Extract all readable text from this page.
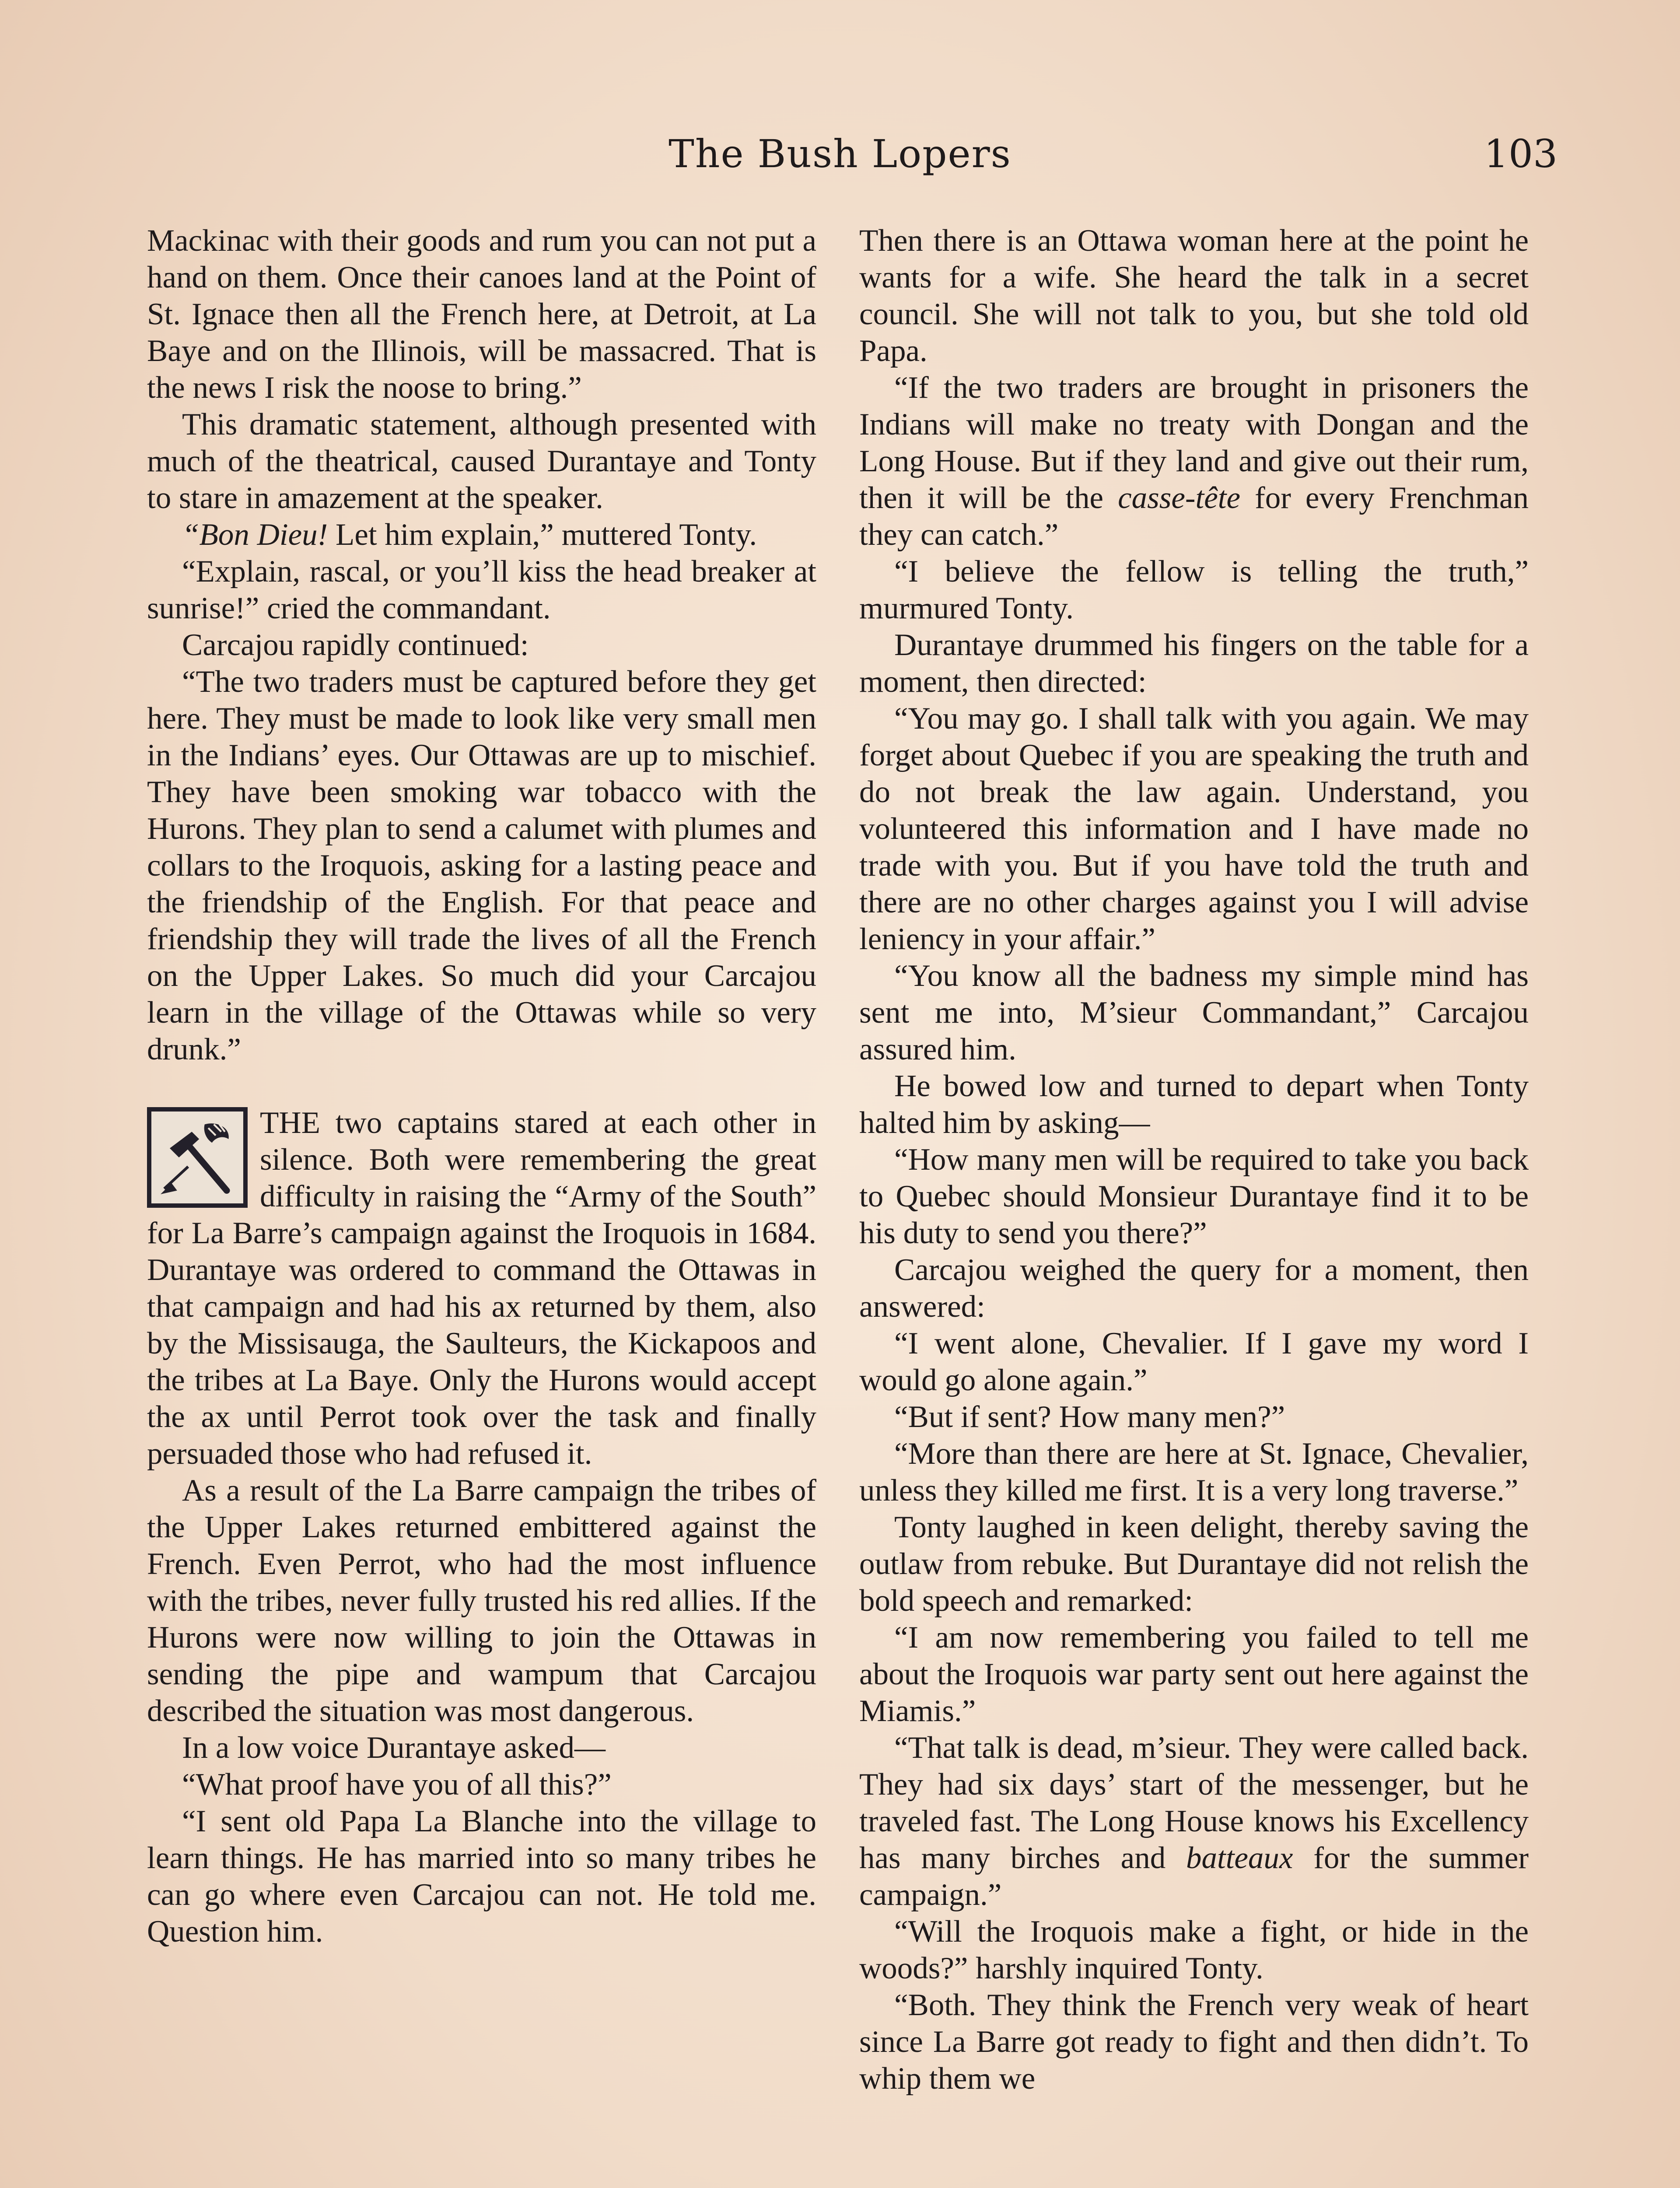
The Bush Lopers	103

Mackinac with their goods and rum you can not put a hand on them. Once their canoes land at the Point of St. Ignace then all the French here, at Detroit, at La Baye and on the Illinois, will be massacred. That is the news I risk the noose to bring.”

This dramatic statement, although presented with much of the theatrical, caused Durantaye and Tonty to stare in amazement at the speaker.

“Bon Dieu! Let him explain,” muttered Tonty.

“Explain, rascal, or you’ll kiss the head breaker at sunrise!” cried the commandant.

Carcajou rapidly continued:

“The two traders must be captured before they get here. They must be made to look like very small men in the Indians’ eyes. Our Ottawas are up to mischief. They have been smoking war tobacco with the Hurons. They plan to send a calumet with plumes and collars to the Iroquois, asking for a lasting peace and the friendship of the English. For that peace and friendship they will trade the lives of all the French on the Upper Lakes. So much did your Carcajou learn in the village of the Ottawas while so very drunk.”

THE two captains stared at each other in silence. Both were remembering the great difficulty in raising the “Army of the South” for La Barre’s campaign against the Iroquois in 1684. Durantaye was ordered to command the Ottawas in that campaign and had his ax returned by them, also by the Missisauga, the Saulteurs, the Kickapoos and the tribes at La Baye. Only the Hurons would accept the ax until Perrot took over the task and finally persuaded those who had refused it.

As a result of the La Barre campaign the tribes of the Upper Lakes returned embittered against the French. Even Perrot, who had the most influence with the tribes, never fully trusted his red allies. If the Hurons were now willing to join the Ottawas in sending the pipe and wampum that Carcajou described the situation was most dangerous.

In a low voice Durantaye asked—

“What proof have you of all this?”

“I sent old Papa La Blanche into the village to learn things. He has married into so many tribes he can go where even Carcajou can not. He told me. Question him.

Then there is an Ottawa woman here at the point he wants for a wife. She heard the talk in a secret council. She will not talk to you, but she told old Papa.

“If the two traders are brought in prisoners the Indians will make no treaty with Dongan and the Long House. But if they land and give out their rum, then it will be the casse-tête for every Frenchman they can catch.”

“I believe the fellow is telling the truth,” murmured Tonty.

Durantaye drummed his fingers on the table for a moment, then directed:

“You may go. I shall talk with you again. We may forget about Quebec if you are speaking the truth and do not break the law again. Understand, you volunteered this information and I have made no trade with you. But if you have told the truth and there are no other charges against you I will advise leniency in your affair.”

“You know all the badness my simple mind has sent me into, M’sieur Commandant,” Carcajou assured him.

He bowed low and turned to depart when Tonty halted him by asking—

“How many men will be required to take you back to Quebec should Monsieur Durantaye find it to be his duty to send you there?”

Carcajou weighed the query for a moment, then answered:

“I went alone, Chevalier. If I gave my word I would go alone again.”

“But if sent? How many men?”

“More than there are here at St. Ignace, Chevalier, unless they killed me first. It is a very long traverse.”

Tonty laughed in keen delight, thereby saving the outlaw from rebuke. But Durantaye did not relish the bold speech and remarked:

“I am now remembering you failed to tell me about the Iroquois war party sent out here against the Miamis.”

“That talk is dead, m’sieur. They were called back. They had six days’ start of the messenger, but he traveled fast. The Long House knows his Excellency has many birches and batteaux for the summer campaign.”

“Will the Iroquois make a fight, or hide in the woods?” harshly inquired Tonty.

“Both. They think the French very weak of heart since La Barre got ready to fight and then didn’t. To whip them we
